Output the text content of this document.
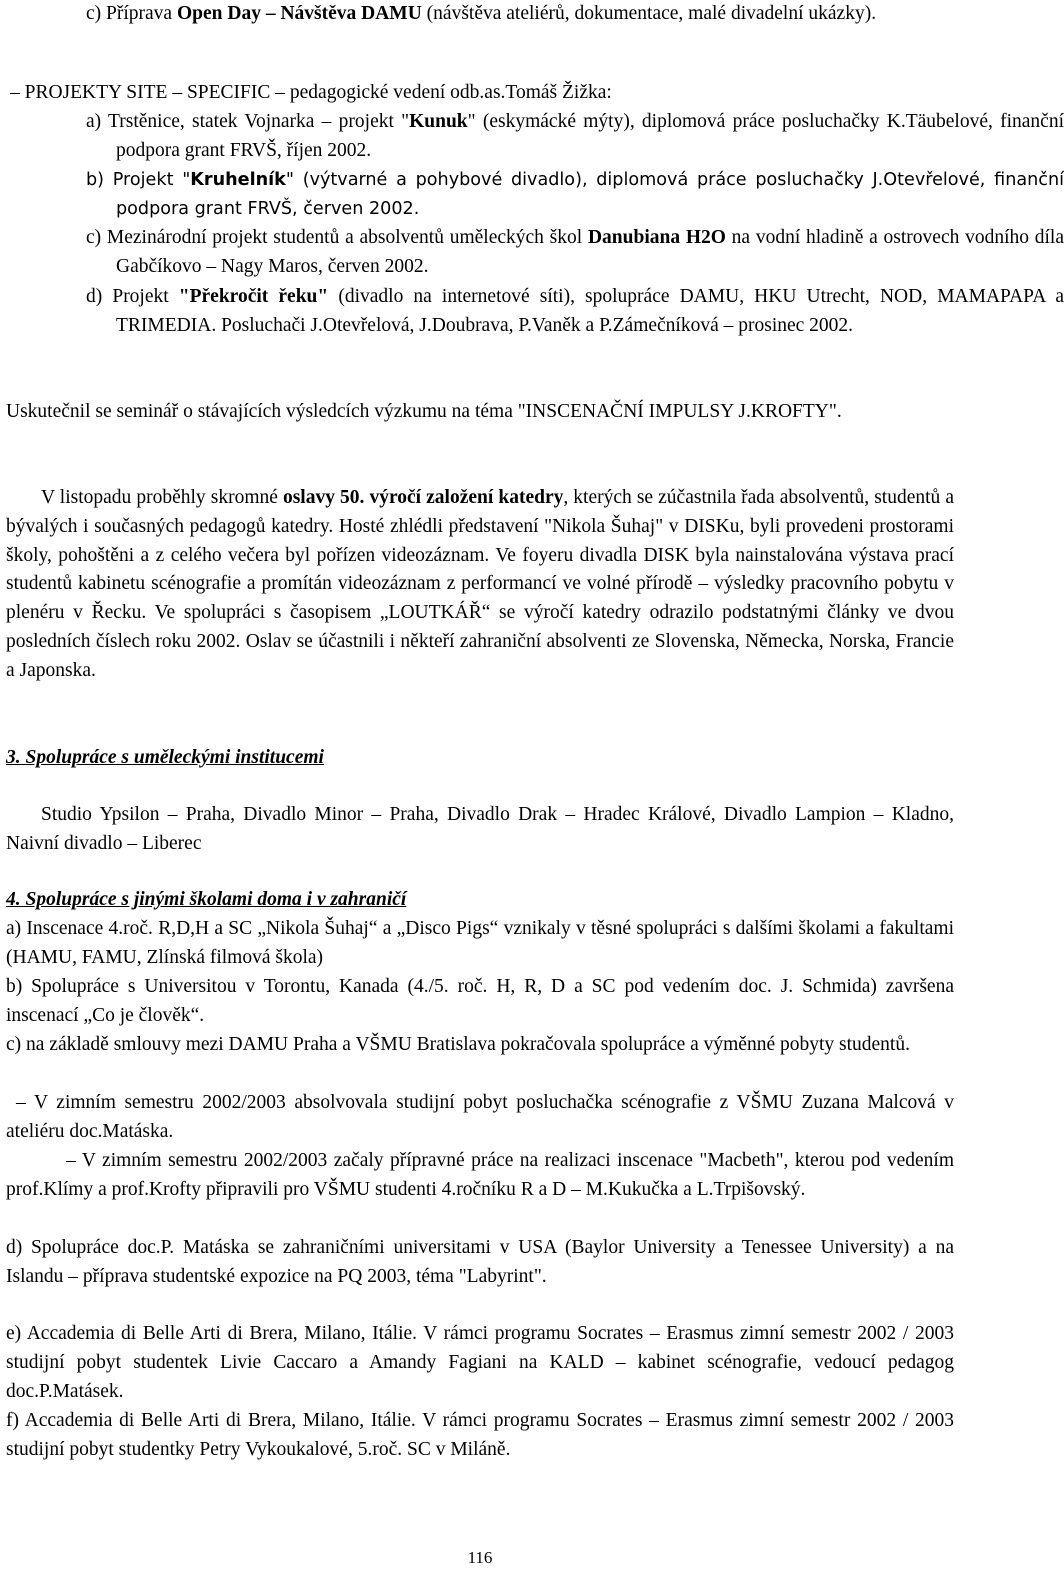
c) Příprava Open Day – Návštěva DAMU (návštěva ateliérů, dokumentace, malé divadelní ukázky).

– PROJEKTY SITE – SPECIFIC – pedagogické vedení odb.as.Tomáš Žižka:

a) Trstěnice, statek Vojnarka – projekt "Kunuk" (eskymácké mýty), diplomová práce posluchačky K.Täubelové, finanční podpora grant FRVŠ, říjen 2002.

b) Projekt "Kruhelník" (výtvarné a pohybové divadlo), diplomová práce posluchačky J.Otevřelové, finanční podpora grant FRVŠ, červen 2002.

c) Mezinárodní projekt studentů a absolventů uměleckých škol Danubiana H2O na vodní hladině a ostrovech vodního díla Gabčíkovo – Nagy Maros, červen 2002.

d) Projekt "Překročit řeku" (divadlo na internetové síti), spolupráce DAMU, HKU Utrecht, NOD, MAMAPAPA a TRIMEDIA. Posluchači J.Otevřelová, J.Doubrava, P.Vaněk a P.Zámečníková – prosinec 2002.

Uskutečnil se seminář o stávajících výsledcích výzkumu na téma "INSCENAČNÍ IMPULSY J.KROFTY".

V listopadu proběhly skromné oslavy 50. výročí založení katedry, kterých se zúčastnila řada absolventů, studentů a bývalých i současných pedagogů katedry. Hosté zhlédli představení "Nikola Šuhaj" v DISKu, byli provedeni prostorami školy, pohoštěni a z celého večera byl pořízen videozáznam. Ve foyeru divadla DISK byla nainstalována výstava prací studentů kabinetu scénografie a promítán videozáznam z performancí ve volné přírodě – výsledky pracovního pobytu v plenéru v Řecku. Ve spolupráci s časopisem „LOUTKÁŘ“ se výročí katedry odrazilo podstatnými články ve dvou posledních číslech roku 2002. Oslav se účastnili i někteří zahraniční absolventi ze Slovenska, Německa, Norska, Francie a Japonska.

3. Spolupráce s uměleckými institucemi

Studio Ypsilon – Praha, Divadlo Minor – Praha, Divadlo Drak – Hradec Králové, Divadlo Lampion – Kladno, Naivní divadlo – Liberec

4. Spolupráce s jinými školami doma i v zahraničí

a) Inscenace 4.roč. R,D,H a SC „Nikola Šuhaj“ a „Disco Pigs“ vznikaly v těsné spolupráci s dalšími školami a fakultami (HAMU, FAMU, Zlínská filmová škola)

b) Spolupráce s Universitou v Torontu, Kanada (4./5. roč. H, R, D a SC pod vedením doc. J. Schmida) završena inscenací „Co je člověk“.

c) na základě smlouvy mezi DAMU Praha a VŠMU Bratislava pokračovala spolupráce a výměnné pobyty studentů.

– V zimním semestru 2002/2003 absolvovala studijní pobyt posluchačka scénografie z VŠMU Zuzana Malcová v ateliéru doc.Matáska.

– V zimním semestru 2002/2003 začaly přípravné práce na realizaci inscenace "Macbeth", kterou pod vedením prof.Klímy a prof.Krofty připravili pro VŠMU studenti 4.ročníku R a D – M.Kukučka a L.Trpišovský.

d) Spolupráce doc.P. Matáska se zahraničními universitami v USA (Baylor University a Tenessee University) a na Islandu – příprava studentské expozice na PQ 2003, téma "Labyrint".

e) Accademia di Belle Arti di Brera, Milano, Itálie. V rámci programu Socrates – Erasmus zimní semestr 2002 / 2003 studijní pobyt studentek Livie Caccaro a Amandy Fagiani na KALD – kabinet scénografie, vedoucí pedagog doc.P.Matásek.

f) Accademia di Belle Arti di Brera, Milano, Itálie. V rámci programu Socrates – Erasmus zimní semestr 2002 / 2003 studijní pobyt studentky Petry Vykoukalové, 5.roč. SC v Miláně.

116
